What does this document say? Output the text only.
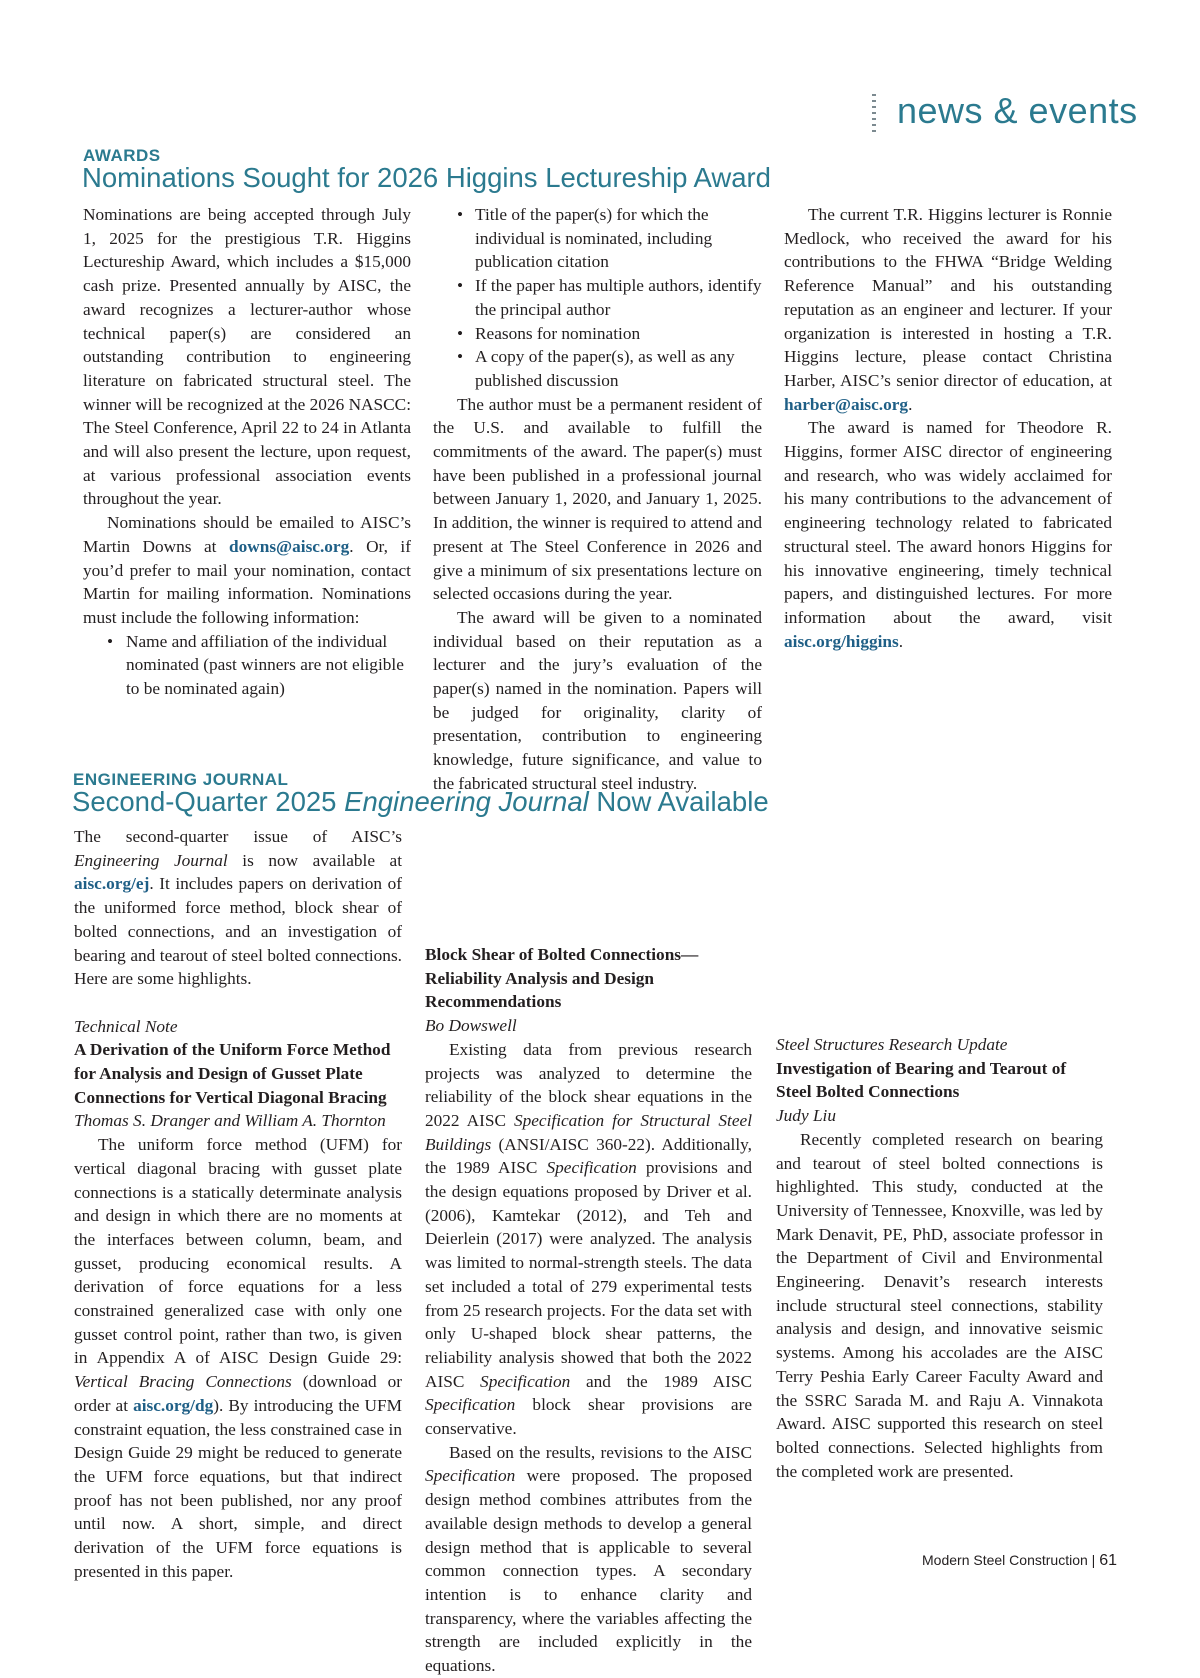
news & events
AWARDS
Nominations Sought for 2026 Higgins Lectureship Award

Nominations are being accepted through July 1, 2025 for the prestigious T.R. Higgins Lectureship Award, which includes a $15,000 cash prize. Presented annually by AISC, the award recognizes a lecturer-author whose technical paper(s) are considered an outstanding contribution to engineering literature on fabricated structural steel. The winner will be recognized at the 2026 NASCC: The Steel Conference, April 22 to 24 in Atlanta and will also present the lecture, upon request, at various professional association events throughout the year.

Nominations should be emailed to AISC’s Martin Downs at downs@aisc.org. Or, if you’d prefer to mail your nomination, contact Martin for mailing information. Nominations must include the following information:

• Name and affiliation of the individual nominated (past winners are not eligible to be nominated again)
• Title of the paper(s) for which the individual is nominated, including publication citation
• If the paper has multiple authors, identify the principal author
• Reasons for nomination
• A copy of the paper(s), as well as any published discussion

The author must be a permanent resident of the U.S. and available to fulfill the commitments of the award. The paper(s) must have been published in a professional journal between January 1, 2020, and January 1, 2025. In addition, the winner is required to attend and present at The Steel Conference in 2026 and give a minimum of six presentations lecture on selected occasions during the year.

The award will be given to a nominated individual based on their reputation as a lecturer and the jury’s evaluation of the paper(s) named in the nomination. Papers will be judged for originality, clarity of presentation, contribution to engineering knowledge, future significance, and value to the fabricated structural steel industry.

The current T.R. Higgins lecturer is Ronnie Medlock, who received the award for his contributions to the FHWA “Bridge Welding Reference Manual” and his outstanding reputation as an engineer and lecturer. If your organization is interested in hosting a T.R. Higgins lecture, please contact Christina Harber, AISC’s senior director of education, at harber@aisc.org.

The award is named for Theodore R. Higgins, former AISC director of engineering and research, who was widely acclaimed for his many contributions to the advancement of engineering technology related to fabricated structural steel. The award honors Higgins for his innovative engineering, timely technical papers, and distinguished lectures. For more information about the award, visit aisc.org/higgins.

ENGINEERING JOURNAL
Second-Quarter 2025 Engineering Journal Now Available

The second-quarter issue of AISC’s Engineering Journal is now available at aisc.org/ej. It includes papers on derivation of the uniformed force method, block shear of bolted connections, and an investigation of bearing and tearout of steel bolted connections. Here are some highlights.

Technical Note

A Derivation of the Uniform Force Method for Analysis and Design of Gusset Plate Connections for Vertical Diagonal Bracing

Thomas S. Dranger and William A. Thornton

The uniform force method (UFM) for vertical diagonal bracing with gusset plate connections is a statically determinate analysis and design in which there are no moments at the interfaces between column, beam, and gusset, producing economical results. A derivation of force equations for a less constrained generalized case with only one gusset control point, rather than two, is given in Appendix A of AISC Design Guide 29: Vertical Bracing Connections (download or order at aisc.org/dg). By introducing the UFM constraint equation, the less constrained case in Design Guide 29 might be reduced to generate the UFM force equations, but that indirect proof has not been published, nor any proof until now. A short, simple, and direct derivation of the UFM force equations is presented in this paper.

Block Shear of Bolted Connections—Reliability Analysis and Design Recommendations

Bo Dowswell

Existing data from previous research projects was analyzed to determine the reliability of the block shear equations in the 2022 AISC Specification for Structural Steel Buildings (ANSI/AISC 360-22). Additionally, the 1989 AISC Specification provisions and the design equations proposed by Driver et al. (2006), Kamtekar (2012), and Teh and Deierlein (2017) were analyzed. The analysis was limited to normal-strength steels. The data set included a total of 279 experimental tests from 25 research projects. For the data set with only U-shaped block shear patterns, the reliability analysis showed that both the 2022 AISC Specification and the 1989 AISC Specification block shear provisions are conservative.

Based on the results, revisions to the AISC Specification were proposed. The proposed design method combines attributes from the available design methods to develop a general design method that is applicable to several common connection types. A secondary intention is to enhance clarity and transparency, where the variables affecting the strength are included explicitly in the equations.

Steel Structures Research Update

Investigation of Bearing and Tearout of Steel Bolted Connections

Judy Liu

Recently completed research on bearing and tearout of steel bolted connections is highlighted. This study, conducted at the University of Tennessee, Knoxville, was led by Mark Denavit, PE, PhD, associate professor in the Department of Civil and Environmental Engineering. Denavit’s research interests include structural steel connections, stability analysis and design, and innovative seismic systems. Among his accolades are the AISC Terry Peshia Early Career Faculty Award and the SSRC Sarada M. and Raju A. Vinnakota Award. AISC supported this research on steel bolted connections. Selected highlights from the completed work are presented.

Modern Steel Construction | 61
